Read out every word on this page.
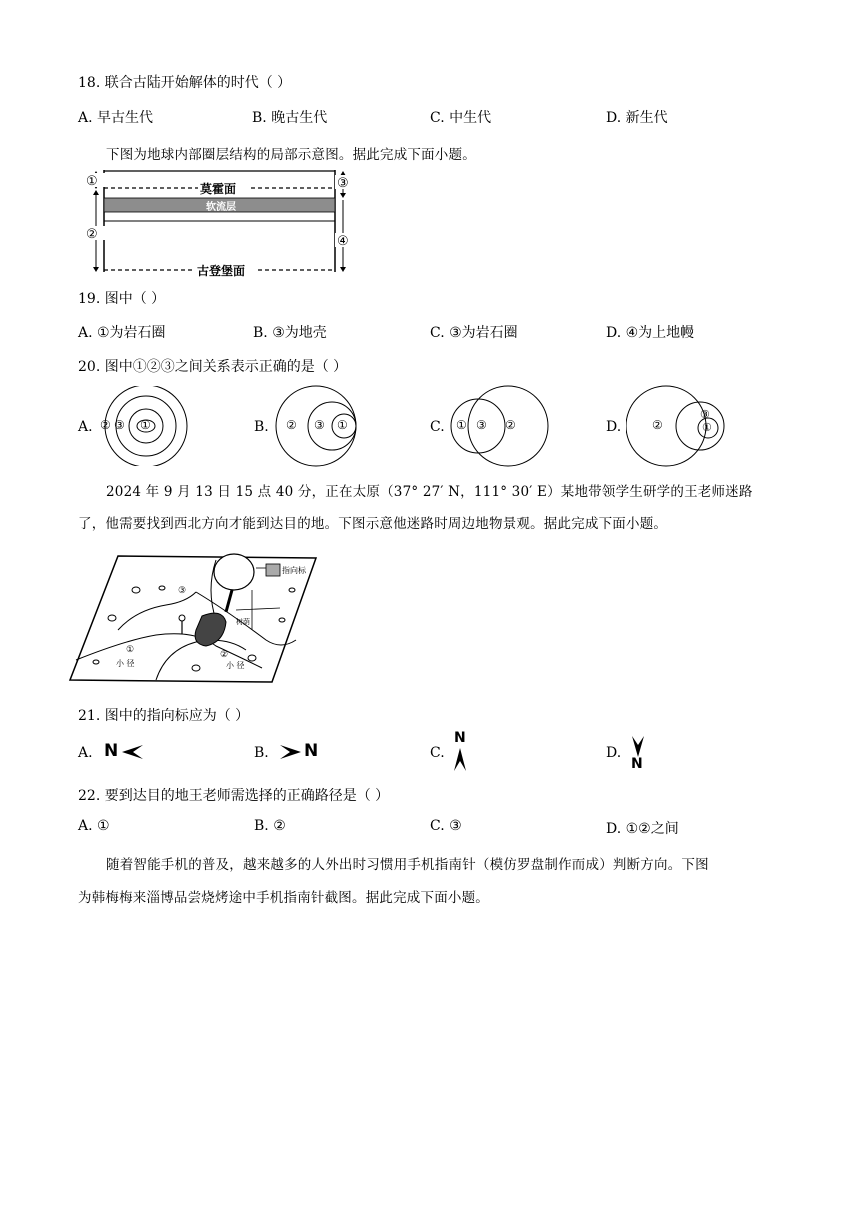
18. 联合古陆开始解体的时代（ ）
A. 早古生代	B. 晚古生代	C. 中生代	D. 新生代
下图为地球内部圈层结构的局部示意图。据此完成下面小题。
莫霍面
软流层
古登堡面
①
②
③
④
19. 图中（ ）
A. ①为岩石圈	B. ③为地壳	C. ③为岩石圈	D. ④为上地幔
20. 图中①②③之间关系表示正确的是（ ）
A.	B.	C.	D.
② ③ ①	② ③ ①	① ③ ②	②
③
①
2024 年 9 月 13 日 15 点 40 分，正在太原（37° 27′ N，111° 30′ E）某地带领学生研学的王老师迷路
了，他需要找到西北方向才能到达目的地。下图示意他迷路时周边地物景观。据此完成下面小题。
指向标
树荫
①	②
③
小 径	小 径
21. 图中的指向标应为（ ）
A. N	B. N	C.
N
D.
N
22. 要到达目的地王老师需选择的正确路径是（ ）
A. ①	B. ②	C. ③	D. ①②之间
随着智能手机的普及，越来越多的人外出时习惯用手机指南针（模仿罗盘制作而成）判断方向。下图
为韩梅梅来淄博品尝烧烤途中手机指南针截图。据此完成下面小题。
